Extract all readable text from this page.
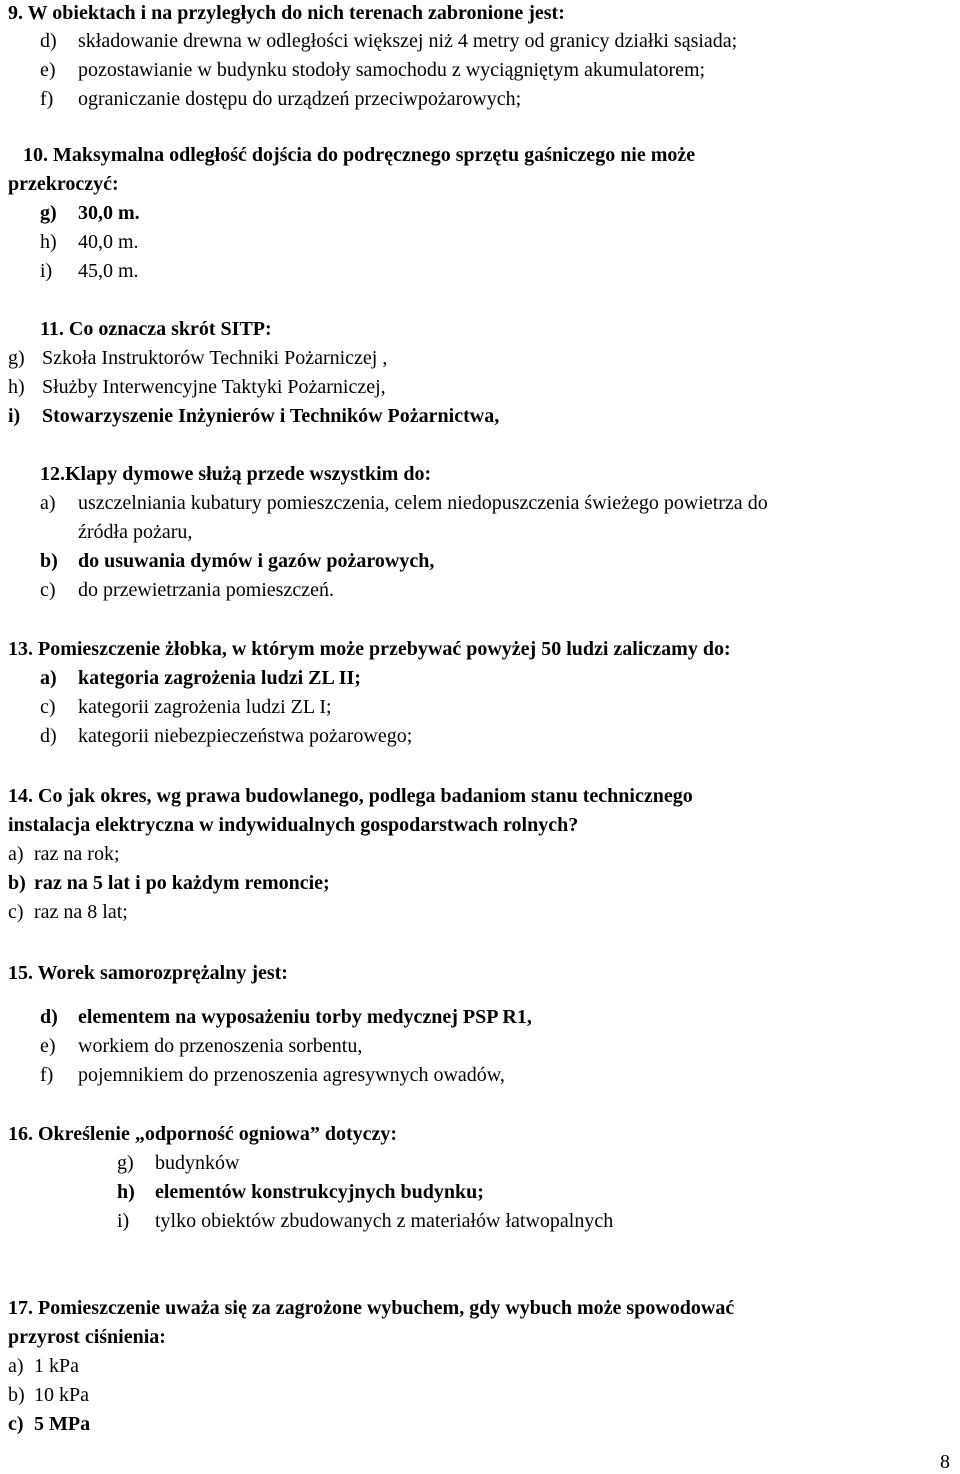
9. W obiektach i na przyległych do nich terenach zabronione jest:
d) składowanie drewna w odległości większej niż 4 metry od granicy działki sąsiada;
e) pozostawianie w budynku stodoły samochodu z wyciągniętym akumulatorem;
f) ograniczanie dostępu do urządzeń przeciwpożarowych;
10. Maksymalna odległość dojścia do podręcznego sprzętu gaśniczego nie może
przekroczyć:
g) 30,0 m.
h) 40,0 m.
i) 45,0 m.
11. Co oznacza skrót SITP:
g) Szkoła Instruktorów Techniki Pożarniczej ,
h) Służby Interwencyjne Taktyki Pożarniczej,
i) Stowarzyszenie Inżynierów i Techników Pożarnictwa,
12.Klapy dymowe służą przede wszystkim do:
a) uszczelniania kubatury pomieszczenia, celem niedopuszczenia świeżego powietrza do
źródła pożaru,
b) do usuwania dymów i gazów pożarowych,
c) do przewietrzania pomieszczeń.
13. Pomieszczenie żłobka, w którym może przebywać powyżej 50 ludzi zaliczamy do:
a) kategoria zagrożenia ludzi ZL II;
c) kategorii zagrożenia ludzi ZL I;
d) kategorii niebezpieczeństwa pożarowego;
14. Co jak okres, wg prawa budowlanego, podlega badaniom stanu technicznego
instalacja elektryczna w indywidualnych gospodarstwach rolnych?
a) raz na rok;
b) raz na 5 lat i po każdym remoncie;
c) raz na 8 lat;
15. Worek samorozprężalny jest:
d) elementem na wyposażeniu torby medycznej PSP R1,
e) workiem do przenoszenia sorbentu,
f) pojemnikiem do przenoszenia agresywnych owadów,
16. Określenie „odporność ogniowa” dotyczy:
g) budynków
h) elementów konstrukcyjnych budynku;
i) tylko obiektów zbudowanych z materiałów łatwopalnych
17. Pomieszczenie uważa się za zagrożone wybuchem, gdy wybuch może spowodować
przyrost ciśnienia:
a) 1 kPa
b) 10 kPa
c) 5 MPa
8
